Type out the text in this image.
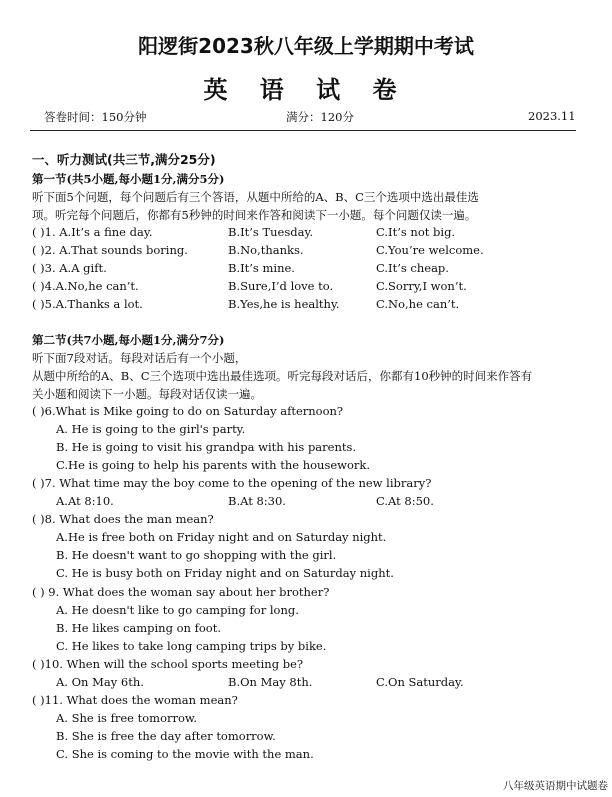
阳逻街2023秋八年级上学期期中考试
英 语 试 卷
答卷时间：150分钟	满分：120分	2023.11
一、听力测试(共三节,满分25分)
第一节(共5小题,每小题1分,满分5分)
听下面5个问题，每个问题后有三个答语，从题中所给的A、B、C三个选项中选出最佳选
项。听完每个问题后，你都有5秒钟的时间来作答和阅读下一小题。每个问题仅读一遍。
( )1. A.It’s a fine day.	B.It’s Tuesday.	C.It’s not big.
( )2. A.That sounds boring.	B.No,thanks.	C.You’re welcome.
( )3. A.A gift.	B.It’s mine.	C.It’s cheap.
( )4.A.No,he can’t.	B.Sure,I’d love to.	C.Sorry,I won’t.
( )5.A.Thanks a lot.	B.Yes,he is healthy.	C.No,he can’t.
第二节(共7小题,每小题1分,满分7分)
听下面7段对话。每段对话后有一个小题，
从题中所给的A、B、C三个选项中选出最佳选项。听完每段对话后，你都有10秒钟的时间来作答有
关小题和阅读下一小题。每段对话仅读一遍。
( )6.What is Mike going to do on Saturday afternoon?
A. He is going to the girl's party.
B. He is going to visit his grandpa with his parents.
C.He is going to help his parents with the housework.
( )7. What time may the boy come to the opening of the new library?
A.At 8:10.	B.At 8:30.	C.At 8:50.
( )8. What does the man mean?
A.He is free both on Friday night and on Saturday night.
B. He doesn't want to go shopping with the girl.
C. He is busy both on Friday night and on Saturday night.
( ) 9. What does the woman say about her brother?
A. He doesn't like to go camping for long.
B. He likes camping on foot.
C. He likes to take long camping trips by bike.
( )10. When will the school sports meeting be?
A. On May 6th.	B.On May 8th.	C.On Saturday.
( )11. What does the woman mean?
A. She is free tomorrow.
B. She is free the day after tomorrow.
C. She is coming to the movie with the man.
八年级英语期中试题卷
